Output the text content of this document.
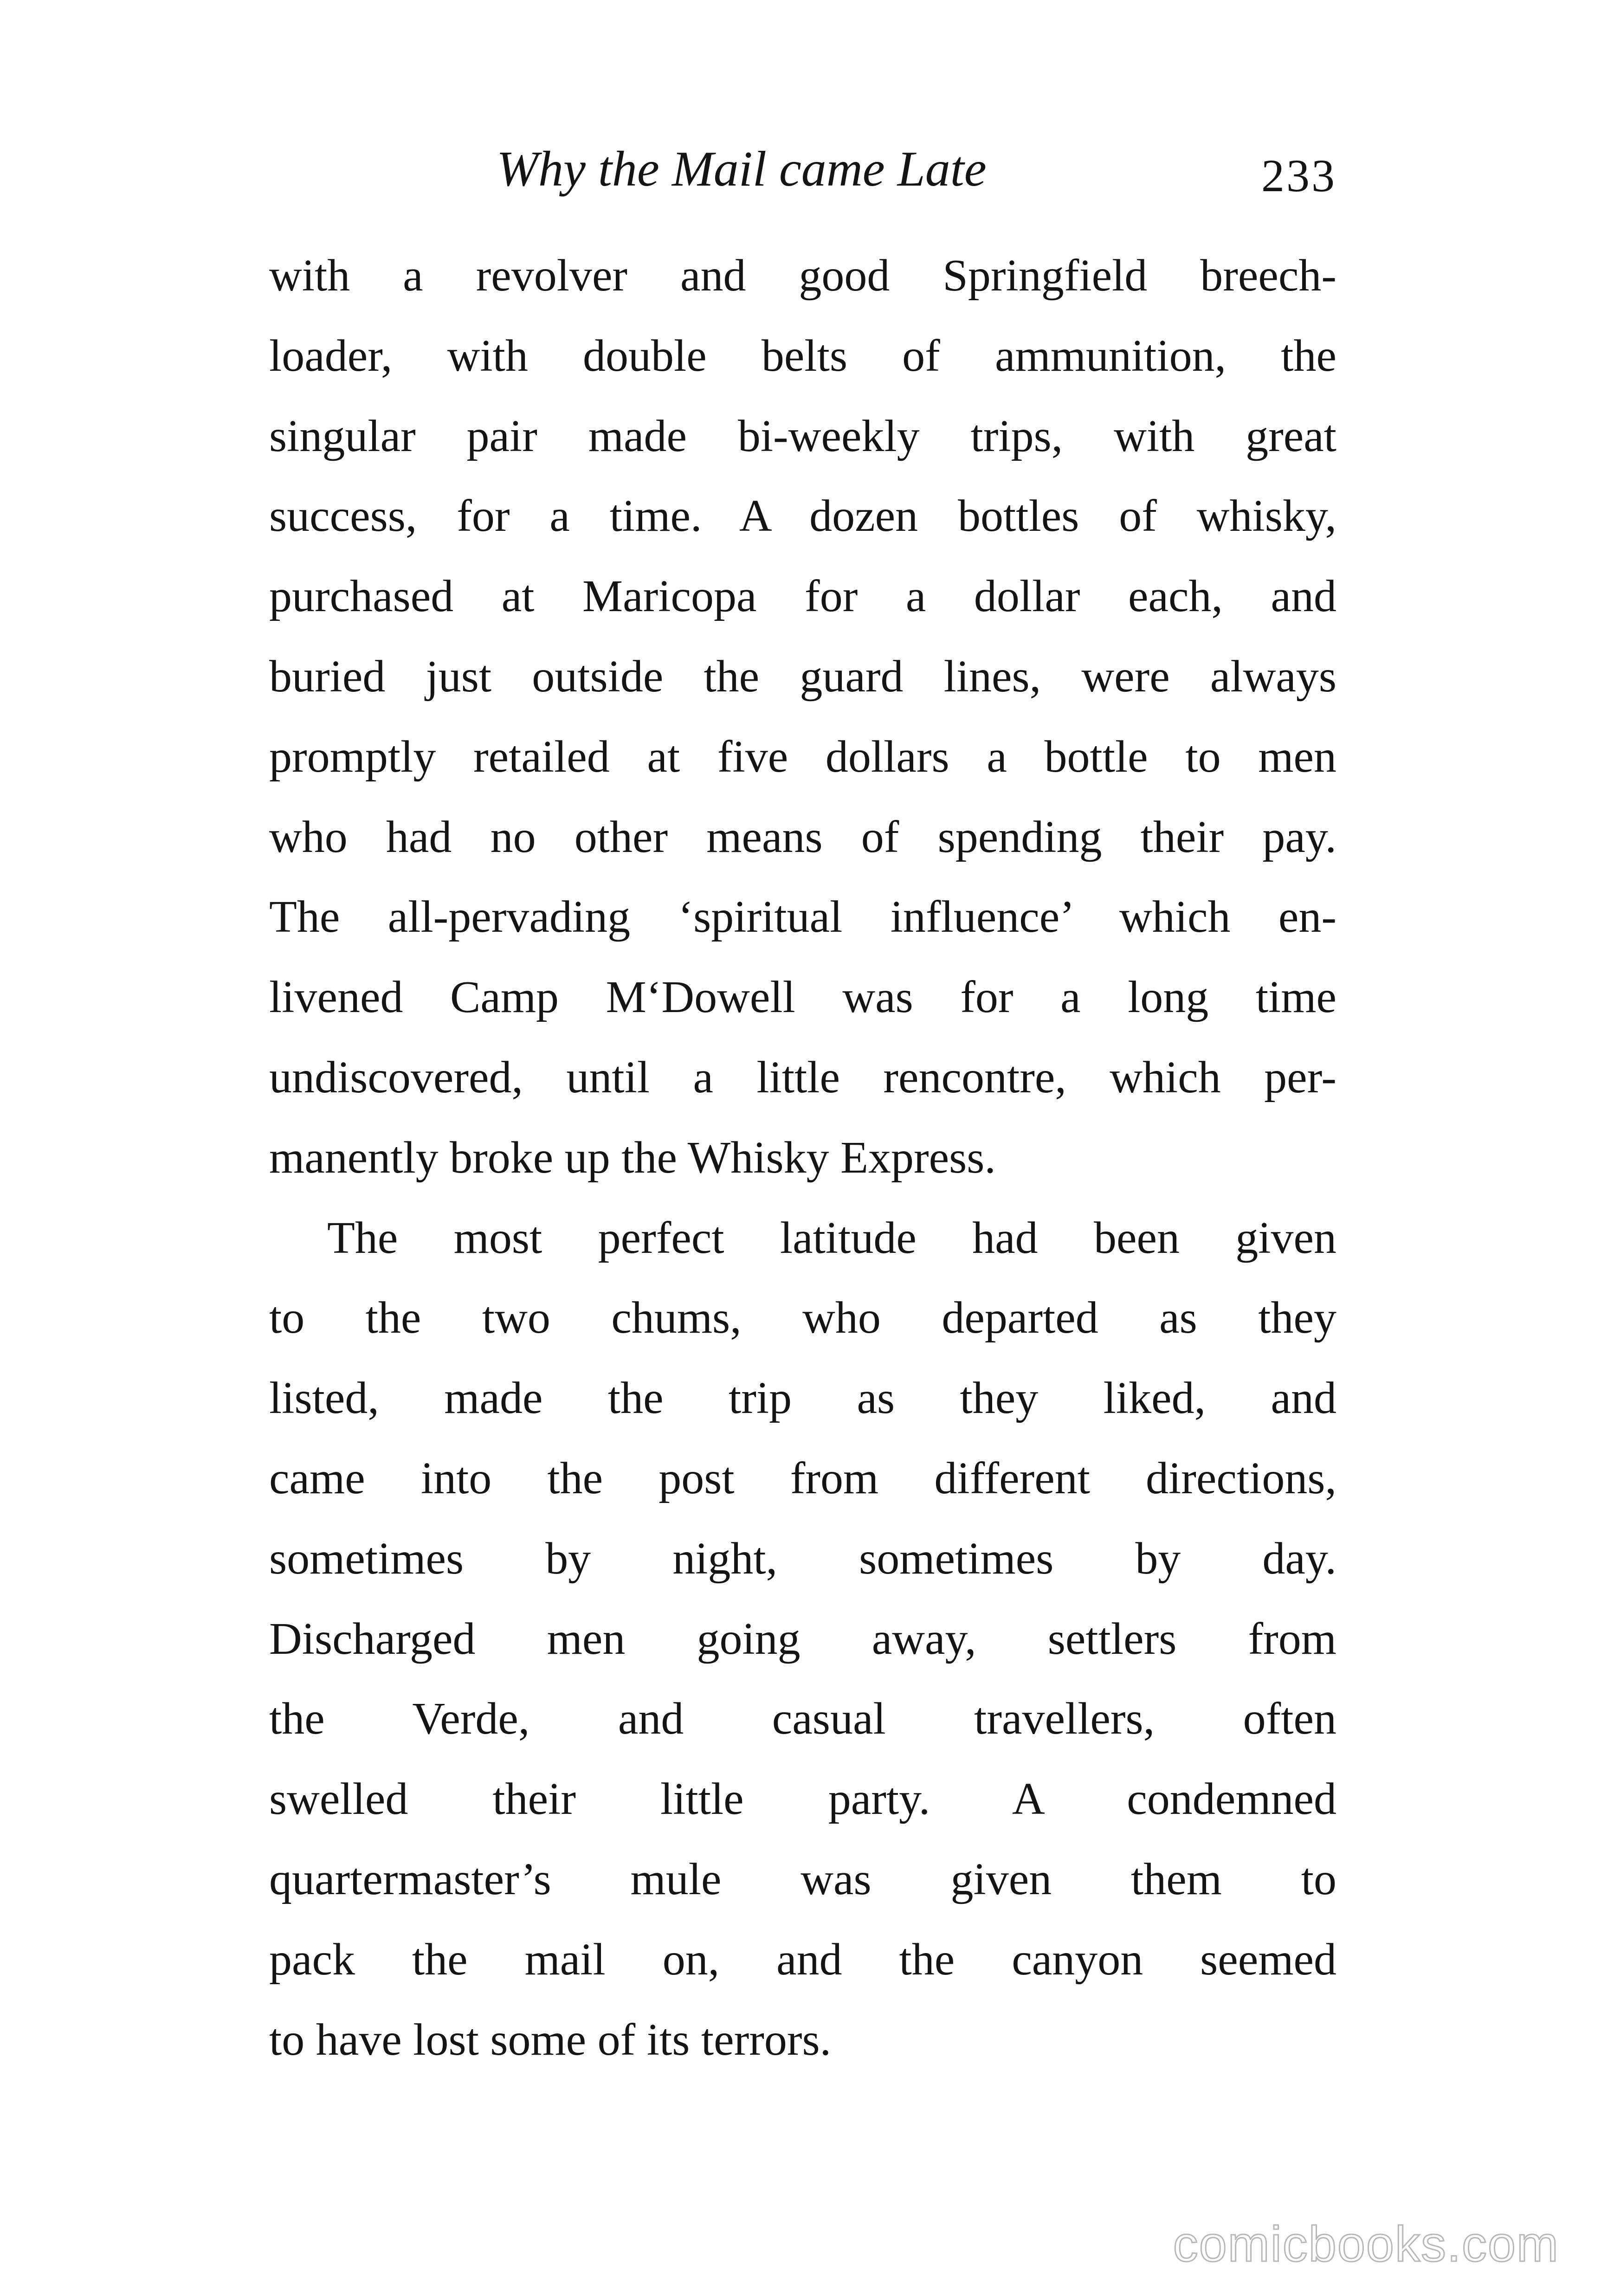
Why the Mail came Late	233
with a revolver and good Springfield breech-
loader, with double belts of ammunition, the
singular pair made bi-weekly trips, with great
success, for a time. A dozen bottles of whisky,
purchased at Maricopa for a dollar each, and
buried just outside the guard lines, were always
promptly retailed at five dollars a bottle to men
who had no other means of spending their pay.
The all-pervading ‘spiritual influence’ which en-
livened Camp M‘Dowell was for a long time
undiscovered, until a little rencontre, which per-
manently broke up the Whisky Express.
The most perfect latitude had been given
to the two chums, who departed as they
listed, made the trip as they liked, and
came into the post from different directions,
sometimes by night, sometimes by day.
Discharged men going away, settlers from
the Verde, and casual travellers, often
swelled their little party. A condemned
quartermaster’s mule was given them to
pack the mail on, and the canyon seemed
to have lost some of its terrors.
comicbooks.com
